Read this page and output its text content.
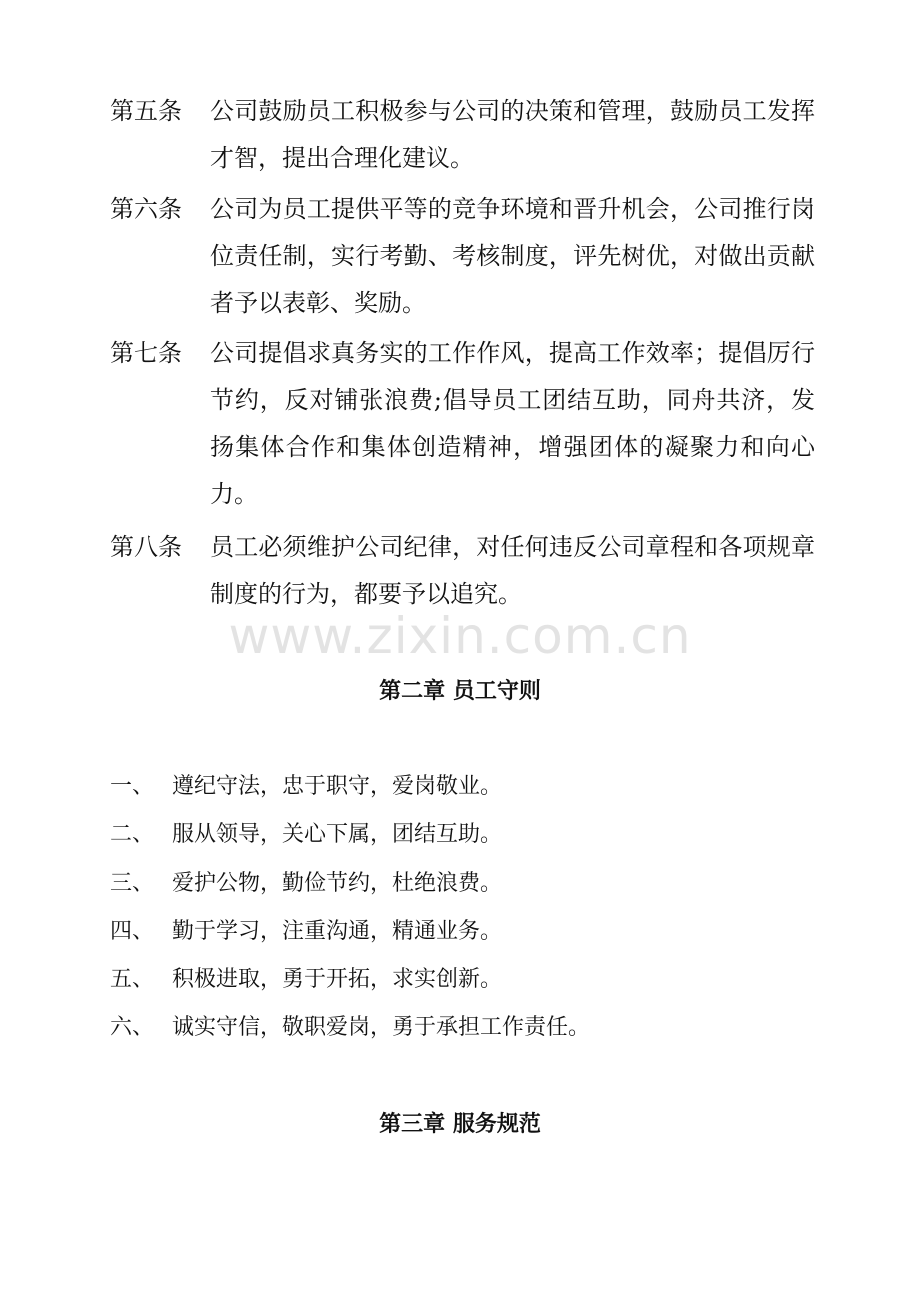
第五条	公司鼓励员工积极参与公司的决策和管理，鼓励员工发挥才智，提出合理化建议。
第六条	公司为员工提供平等的竞争环境和晋升机会，公司推行岗位责任制，实行考勤、考核制度，评先树优，对做出贡献者予以表彰、奖励。
第七条	公司提倡求真务实的工作作风，提高工作效率；提倡厉行节约，反对铺张浪费;倡导员工团结互助，同舟共济，发扬集体合作和集体创造精神，增强团体的凝聚力和向心力。
第八条	员工必须维护公司纪律，对任何违反公司章程和各项规章制度的行为，都要予以追究。
www.zixin.com.cn
第二章 员工守则
一、 遵纪守法，忠于职守，爱岗敬业。
二、 服从领导，关心下属，团结互助。
三、 爱护公物，勤俭节约，杜绝浪费。
四、 勤于学习，注重沟通，精通业务。
五、 积极进取，勇于开拓，求实创新。
六、 诚实守信，敬职爱岗，勇于承担工作责任。
第三章 服务规范
